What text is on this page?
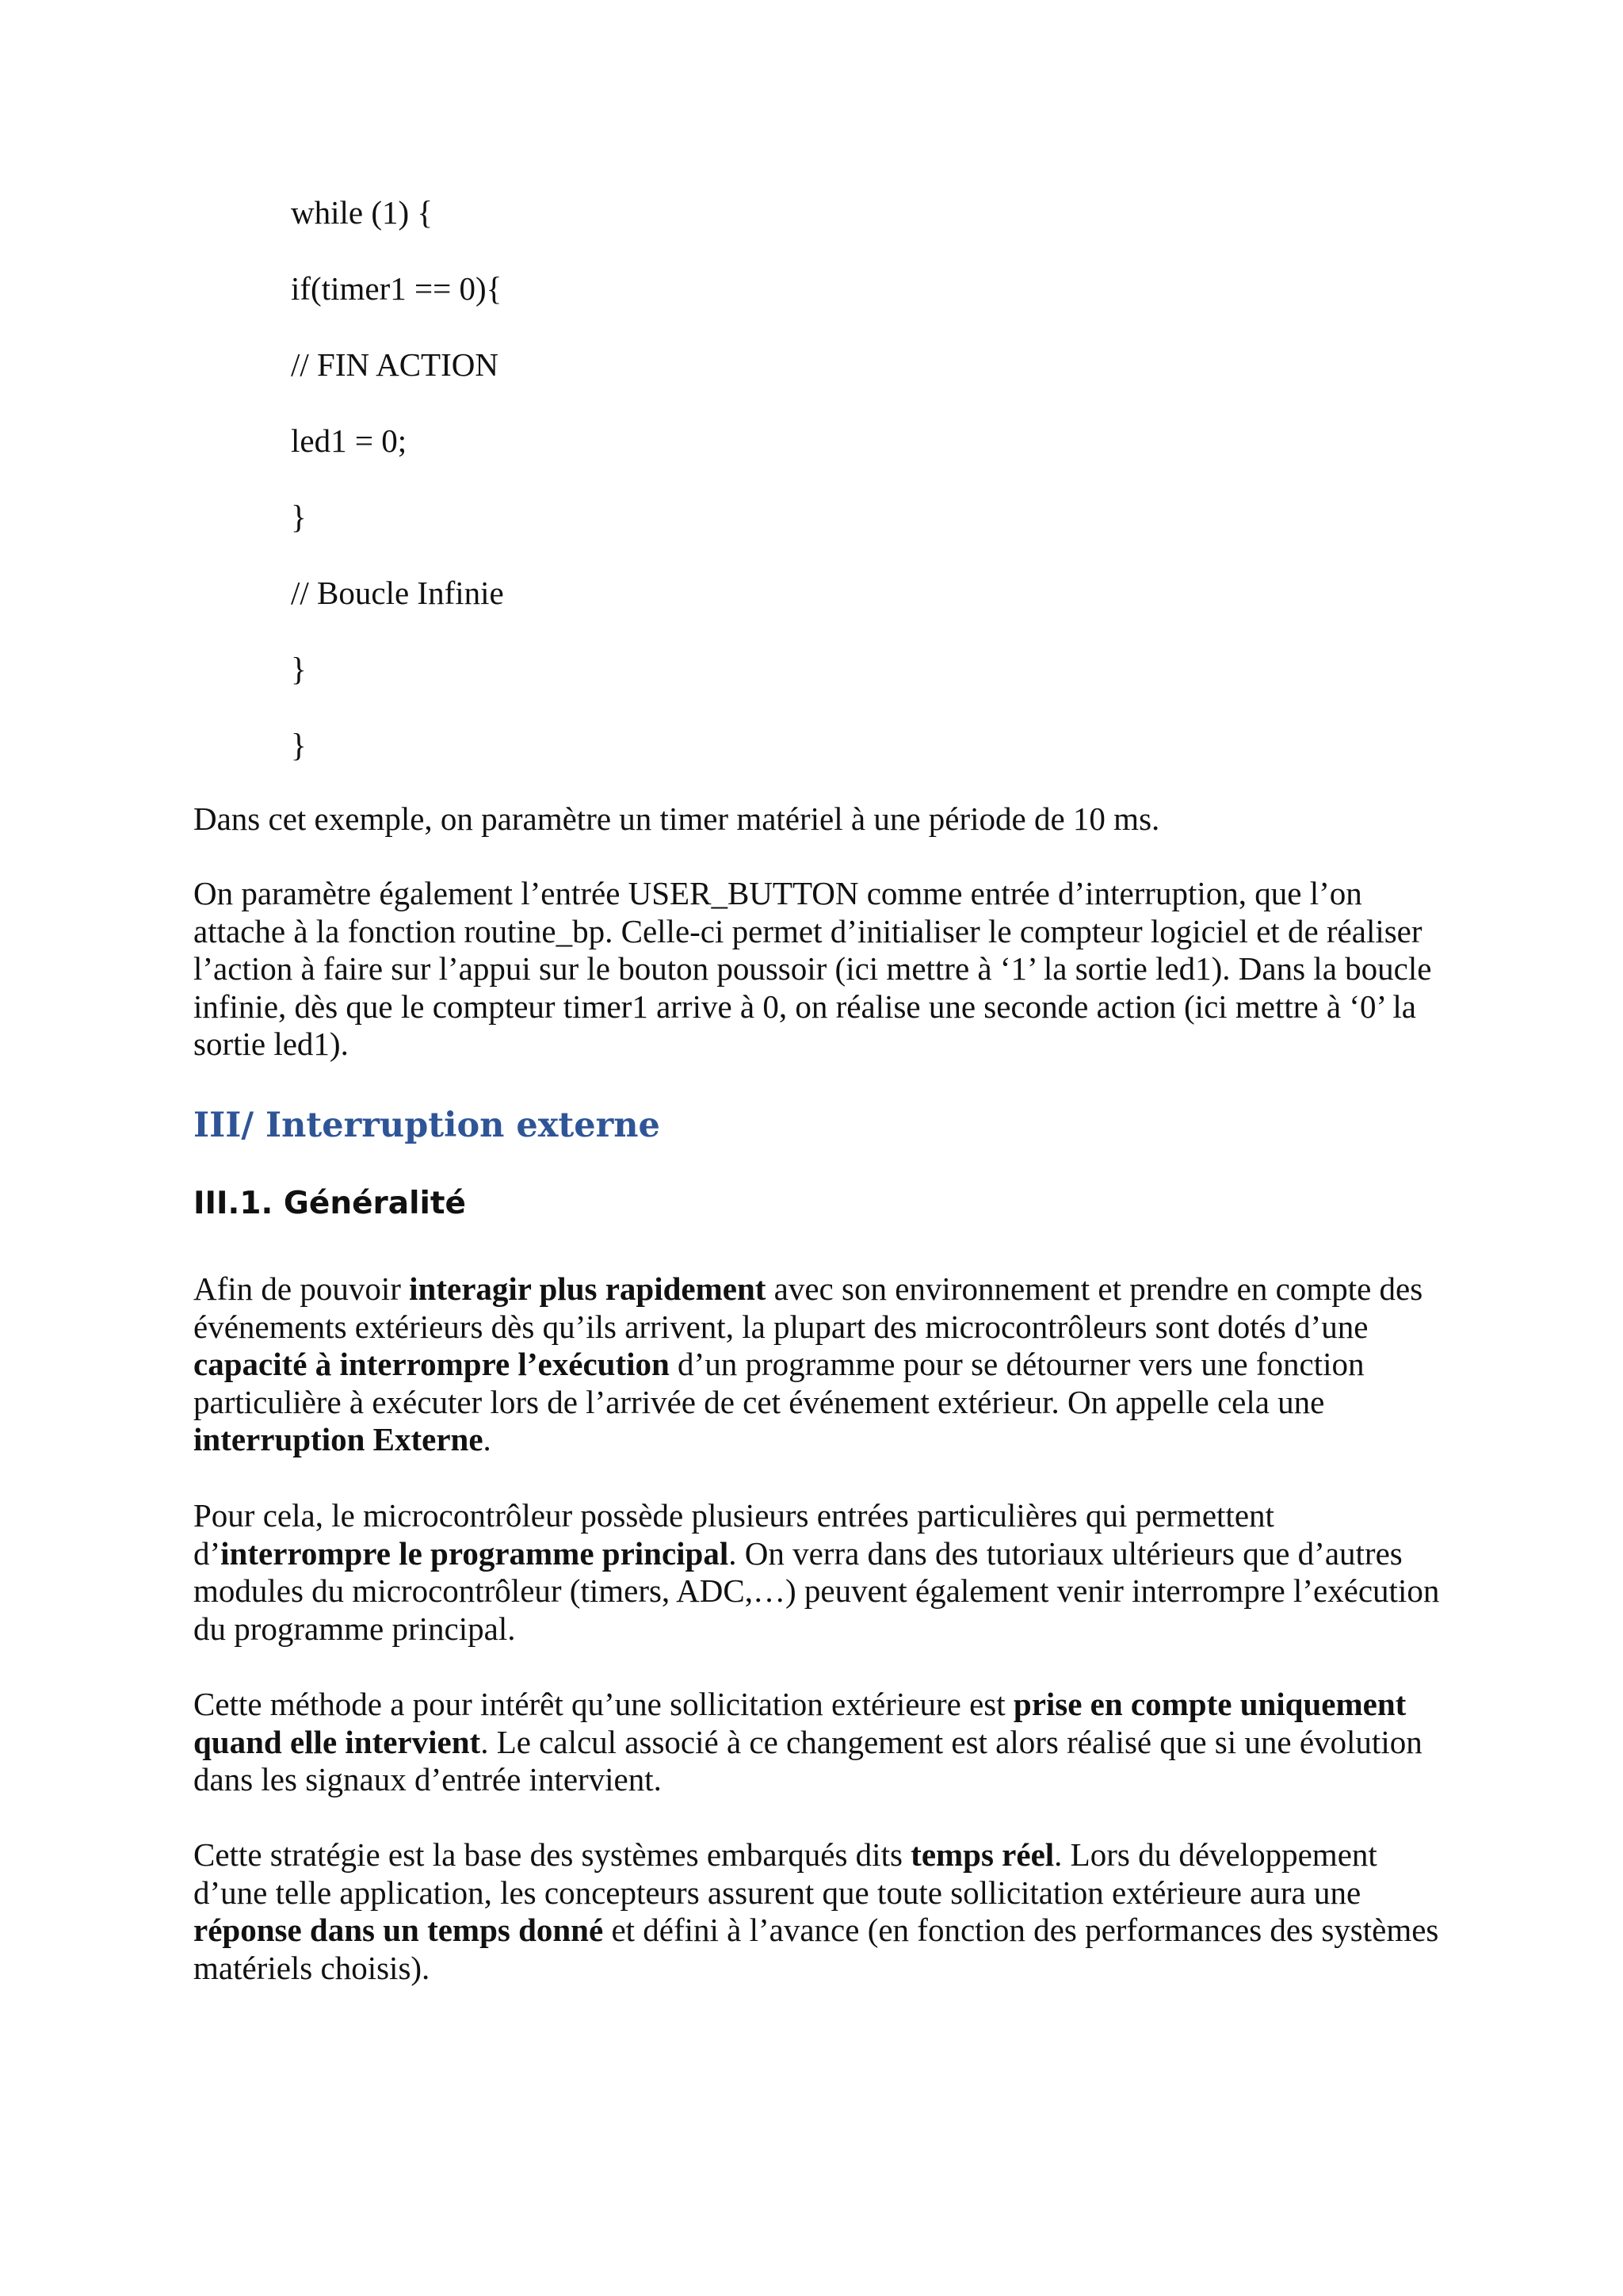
while (1) {
if(timer1 == 0){
// FIN ACTION
led1 = 0;
}
// Boucle Infinie
}
}

Dans cet exemple, on paramètre un timer matériel à une période de 10 ms.

On paramètre également l’entrée USER_BUTTON comme entrée d’interruption, que l’on attache à la fonction routine_bp. Celle-ci permet d’initialiser le compteur logiciel et de réaliser l’action à faire sur l’appui sur le bouton poussoir (ici mettre à ‘1’ la sortie led1). Dans la boucle infinie, dès que le compteur timer1 arrive à 0, on réalise une seconde action (ici mettre à ‘0’ la sortie led1).

III/ Interruption externe
III.1. Généralité

Afin de pouvoir interagir plus rapidement avec son environnement et prendre en compte des événements extérieurs dès qu’ils arrivent, la plupart des microcontrôleurs sont dotés d’une capacité à interrompre l’exécution d’un programme pour se détourner vers une fonction particulière à exécuter lors de l’arrivée de cet événement extérieur. On appelle cela une interruption Externe.

Pour cela, le microcontrôleur possède plusieurs entrées particulières qui permettent d’interrompre le programme principal. On verra dans des tutoriaux ultérieurs que d’autres modules du microcontrôleur (timers, ADC,…) peuvent également venir interrompre l’exécution du programme principal.

Cette méthode a pour intérêt qu’une sollicitation extérieure est prise en compte uniquement quand elle intervient. Le calcul associé à ce changement est alors réalisé que si une évolution dans les signaux d’entrée intervient.

Cette stratégie est la base des systèmes embarqués dits temps réel. Lors du développement d’une telle application, les concepteurs assurent que toute sollicitation extérieure aura une réponse dans un temps donné et défini à l’avance (en fonction des performances des systèmes matériels choisis).
